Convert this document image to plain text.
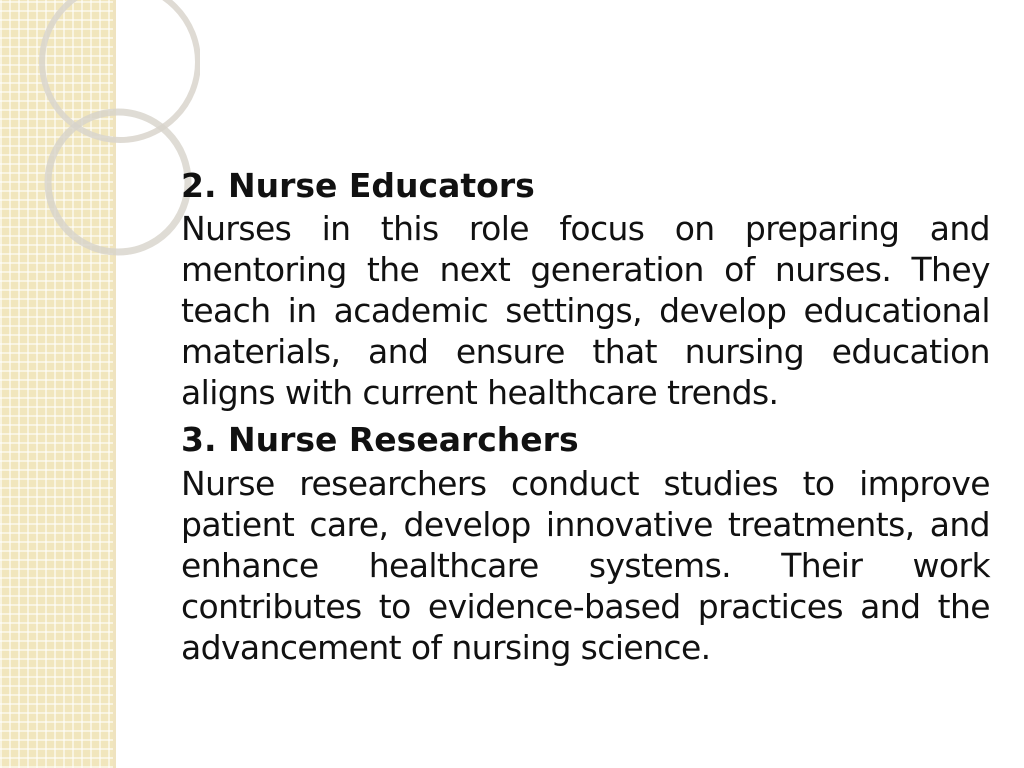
2. Nurse Educators

Nurses in this role focus on preparing and mentoring the next generation of nurses. They teach in academic settings, develop educational materials, and ensure that nursing education aligns with current healthcare trends.

3. Nurse Researchers

Nurse researchers conduct studies to improve patient care, develop innovative treatments, and enhance healthcare systems. Their work contributes to evidence-based practices and the advancement of nursing science.
